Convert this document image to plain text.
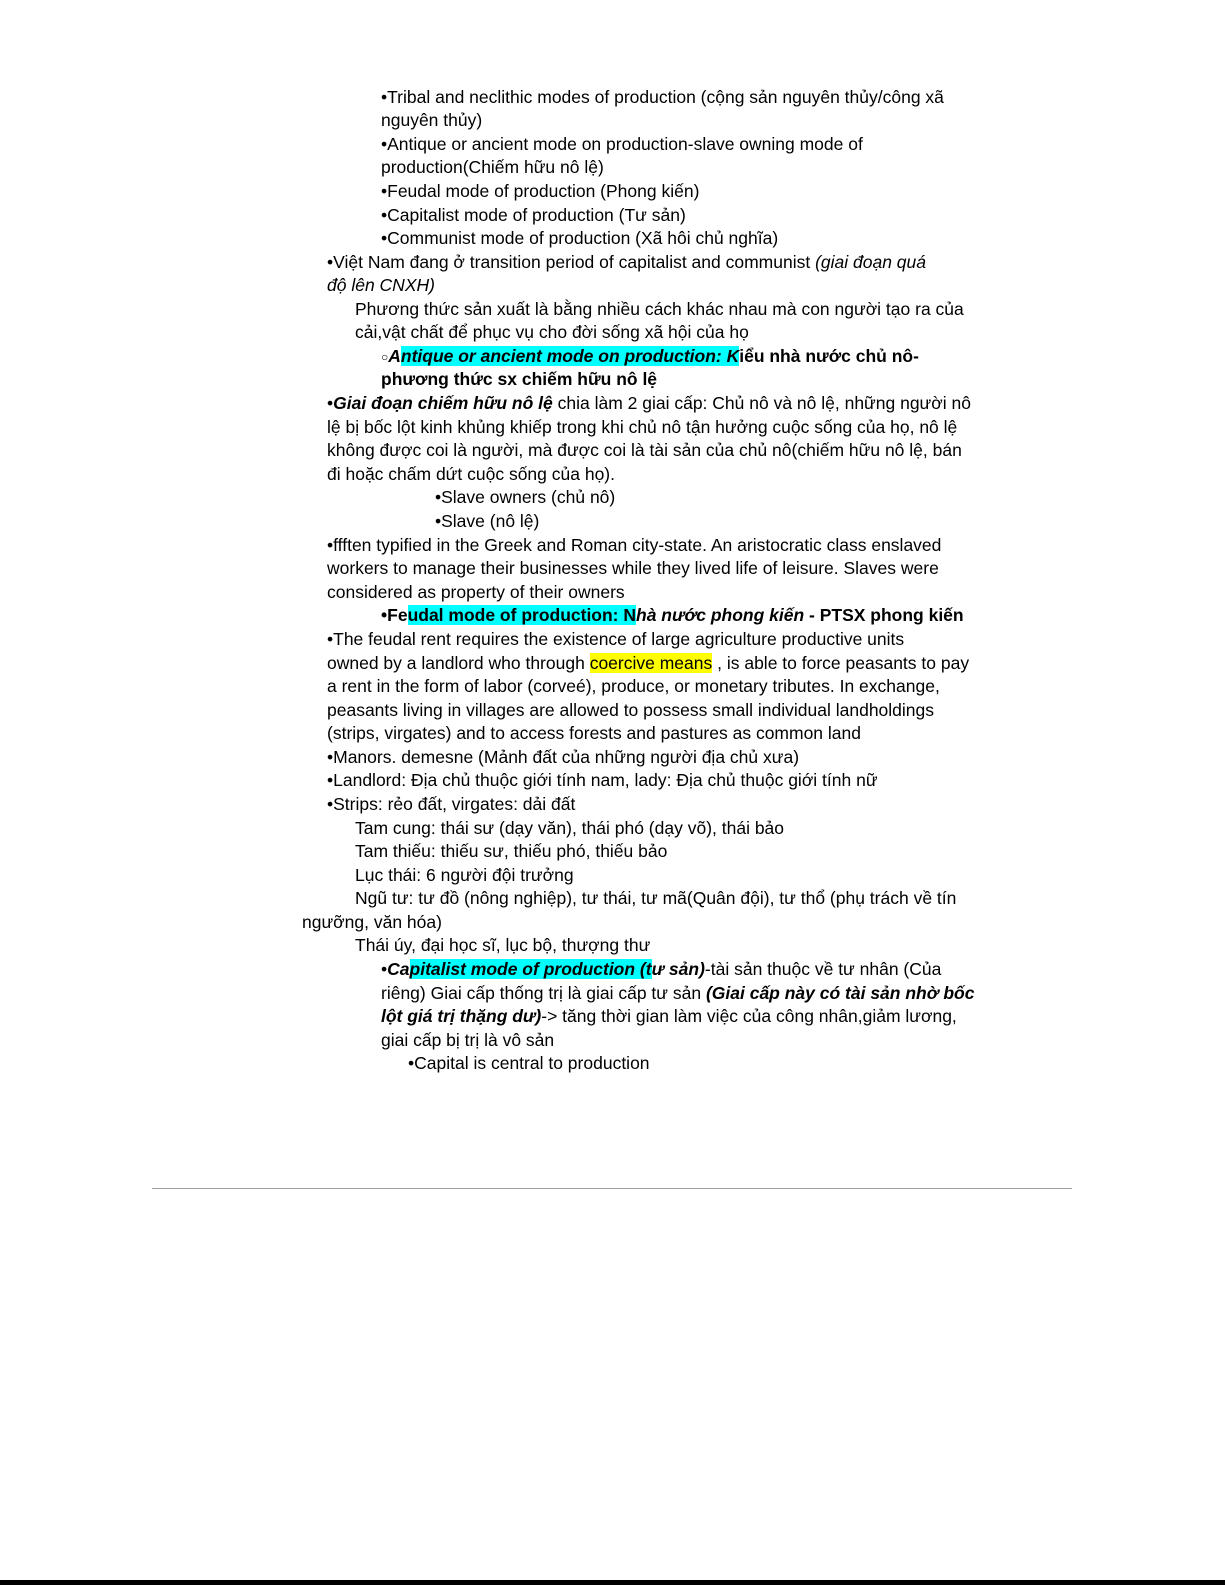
•Tribal and neclithic modes of production (cộng sản nguyên thủy/công xã
nguyên thủy)
•Antique or ancient mode on production-slave owning mode of
production(Chiếm hữu nô lệ)
•Feudal mode of production (Phong kiến)
•Capitalist mode of production (Tư sản)
•Communist mode of production (Xã hôi chủ nghĩa)
•Việt Nam đang ở transition period of capitalist and communist (giai đoạn quá
độ lên CNXH)
Phương thức sản xuất là bằng nhiều cách khác nhau mà con người tạo ra của
cải,vật chất để phục vụ cho đời sống xã hội của họ
○Antique or ancient mode on production: Kiểu nhà nước chủ nô-
phương thức sx chiếm hữu nô lệ
•Giai đoạn chiếm hữu nô lệ chia làm 2 giai cấp: Chủ nô và nô lệ, những người nô
lệ bị bốc lột kinh khủng khiếp trong khi chủ nô tận hưởng cuộc sống của họ, nô lệ
không được coi là người, mà được coi là tài sản của chủ nô(chiếm hữu nô lệ, bán
đi hoặc chấm dứt cuộc sống của họ).
•Slave owners (chủ nô)
•Slave (nô lệ)
•ffften typified in the Greek and Roman city-state. An aristocratic class enslaved
workers to manage their businesses while they lived life of leisure. Slaves were
considered as property of their owners
•Feudal mode of production: Nhà nước phong kiến - PTSX phong kiến
•The feudal rent requires the existence of large agriculture productive units
owned by a landlord who through coercive means , is able to force peasants to pay
a rent in the form of labor (corveé), produce, or monetary tributes. In exchange,
peasants living in villages are allowed to possess small individual landholdings
(strips, virgates) and to access forests and pastures as common land
•Manors. demesne (Mảnh đất của những người địa chủ xưa)
•Landlord: Địa chủ thuộc giới tính nam, lady: Địa chủ thuộc giới tính nữ
•Strips: rẻo đất, virgates: dải đất
Tam cung: thái sư (dạy văn), thái phó (dạy võ), thái bảo
Tam thiếu: thiếu sư, thiếu phó, thiếu bảo
Lục thái: 6 người đội trưởng
Ngũ tư: tư đồ (nông nghiệp), tư thái, tư mã(Quân đội), tư thổ (phụ trách về tín
ngưỡng, văn hóa)
Thái úy, đại học sĩ, lục bộ, thượng thư
•Capitalist mode of production (tư sản)-tài sản thuộc về tư nhân (Của
riêng) Giai cấp thống trị là giai cấp tư sản (Giai cấp này có tài sản nhờ bốc
lột giá trị thặng dư)-> tăng thời gian làm việc của công nhân,giảm lương,
giai cấp bị trị là vô sản
•Capital is central to production
